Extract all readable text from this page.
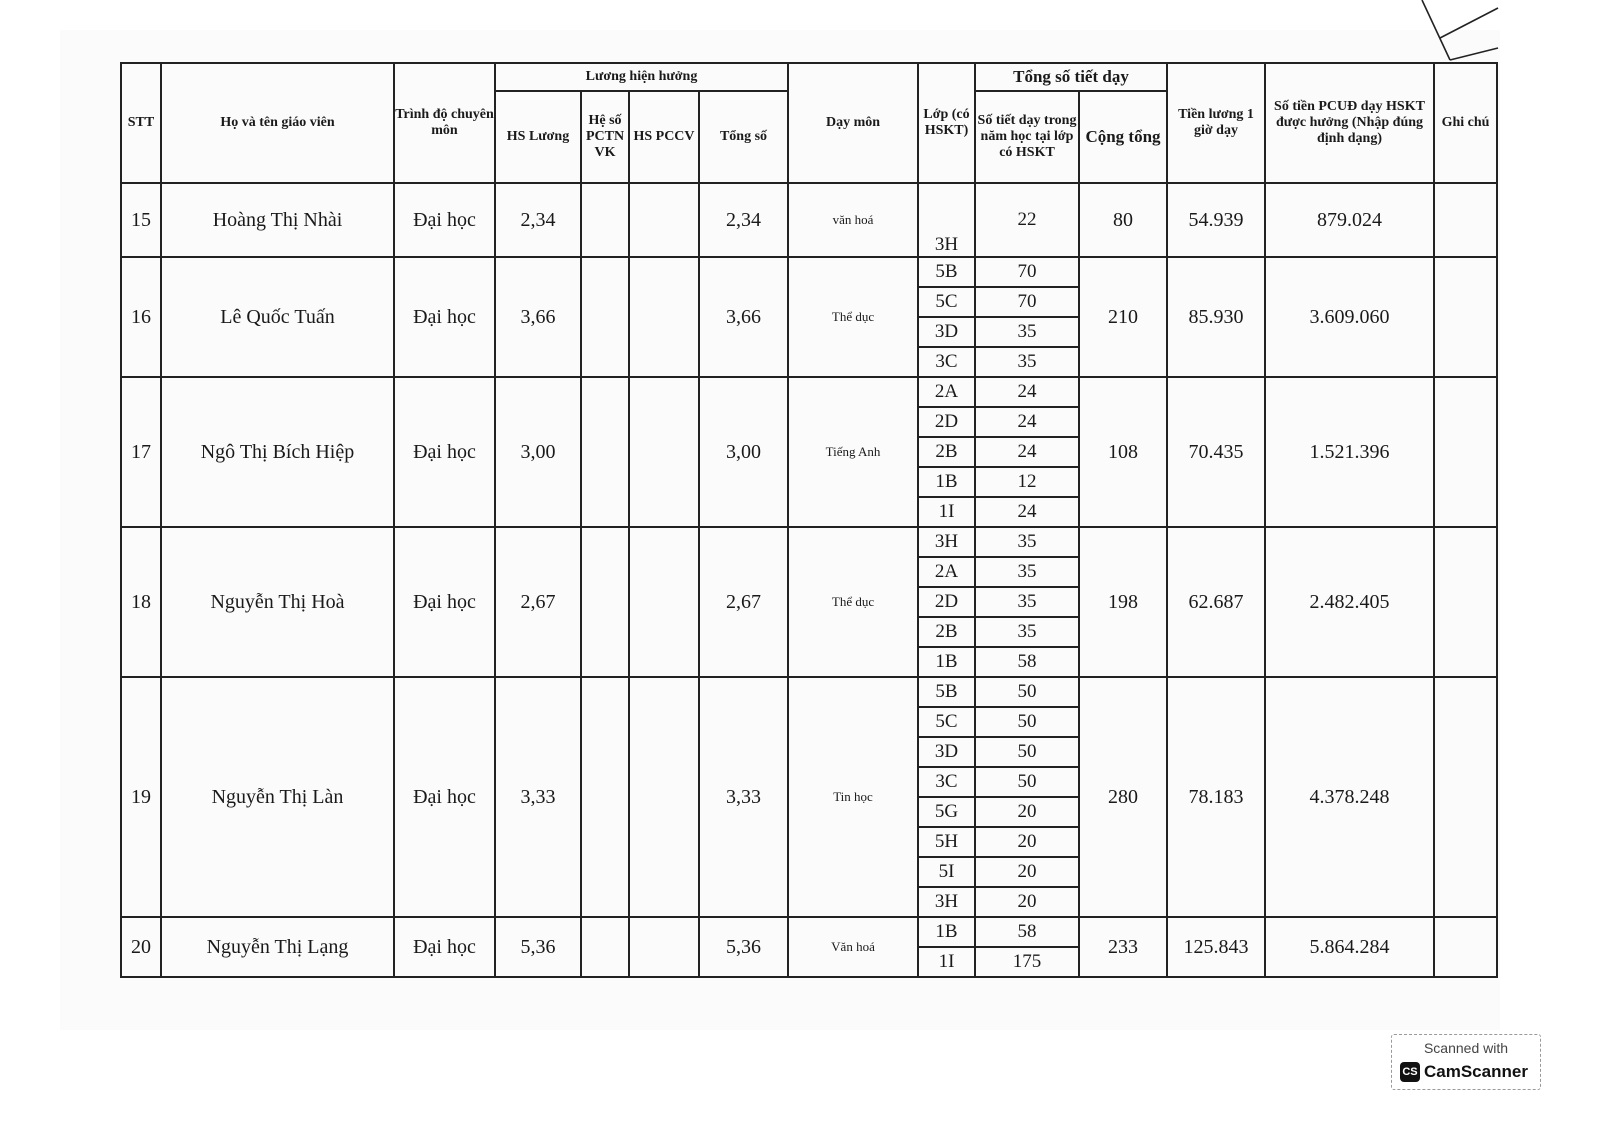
STT	Họ và tên giáo viên	Trình độ chuyên môn	Lương hiện hưởng				Dạy môn	Lớp (có HSKT)	Tổng số tiết dạy		Tiền lương 1 giờ dạy	Số tiền PCUĐ dạy HSKT được hưởng (Nhập đúng định dạng)	Ghi chú
			HS Lương	Hệ số PCTN VK	HS PCCV	Tổng số			Số tiết dạy trong năm học tại lớp có HSKT	Cộng tổng			
15	Hoàng Thị Nhài	Đại học	2,34			2,34	văn hoá	3H	22	80	54.939	879.024	
16	Lê Quốc Tuấn	Đại học	3,66			3,66	Thể dục	5B	70	210	85.930	3.609.060	
								5C	70				
								3D	35				
								3C	35				
17	Ngô Thị Bích Hiệp	Đại học	3,00			3,00	Tiếng Anh	2A	24	108	70.435	1.521.396	
								2D	24				
								2B	24				
								1B	12				
								1I	24				
18	Nguyễn Thị Hoà	Đại học	2,67			2,67	Thể dục	3H	35	198	62.687	2.482.405	
								2A	35				
								2D	35				
								2B	35				
								1B	58				
19	Nguyễn Thị Làn	Đại học	3,33			3,33	Tin học	5B	50	280	78.183	4.378.248	
								5C	50				
								3D	50				
								3C	50				
								5G	20				
								5H	20				
								5I	20				
								3H	20				
20	Nguyễn Thị Lạng	Đại học	5,36			5,36	Văn hoá	1B	58	233	125.843	5.864.284	
								1I	175				
Scanned with
CS CamScanner
